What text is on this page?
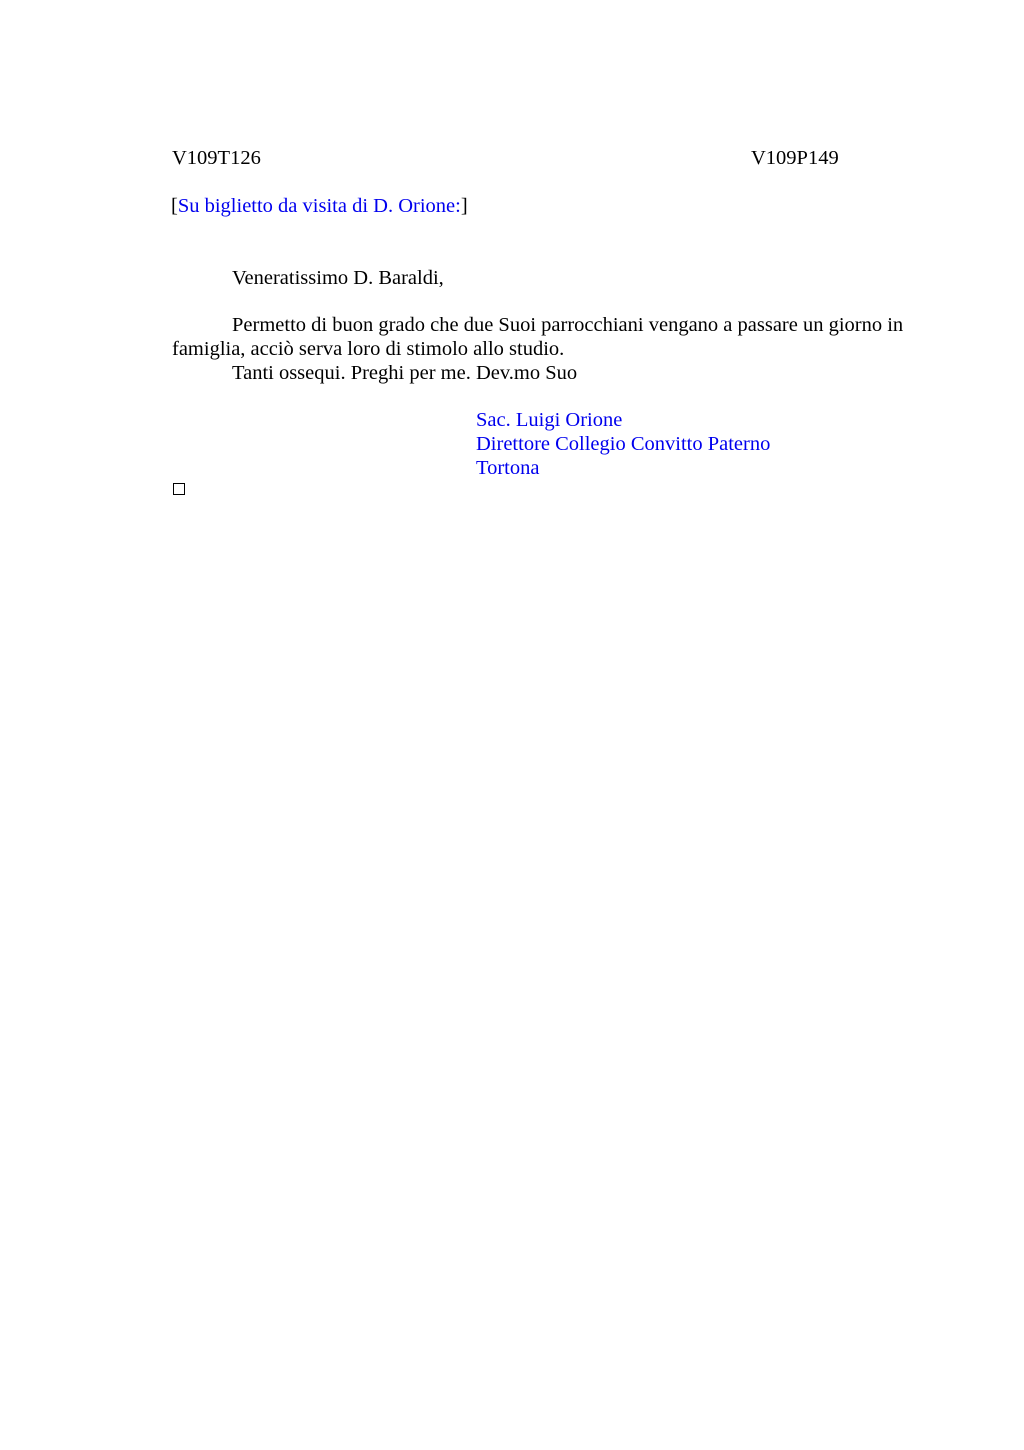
V109T126	V109P149
[Su biglietto da visita di D. Orione:]
Veneratissimo D. Baraldi,
Permetto di buon grado che due Suoi parrocchiani vengano a passare un giorno in famiglia, acciò serva loro di stimolo allo studio.
Tanti ossequi. Preghi per me. Dev.mo Suo
Sac. Luigi Orione
Direttore Collegio Convitto Paterno
Tortona
